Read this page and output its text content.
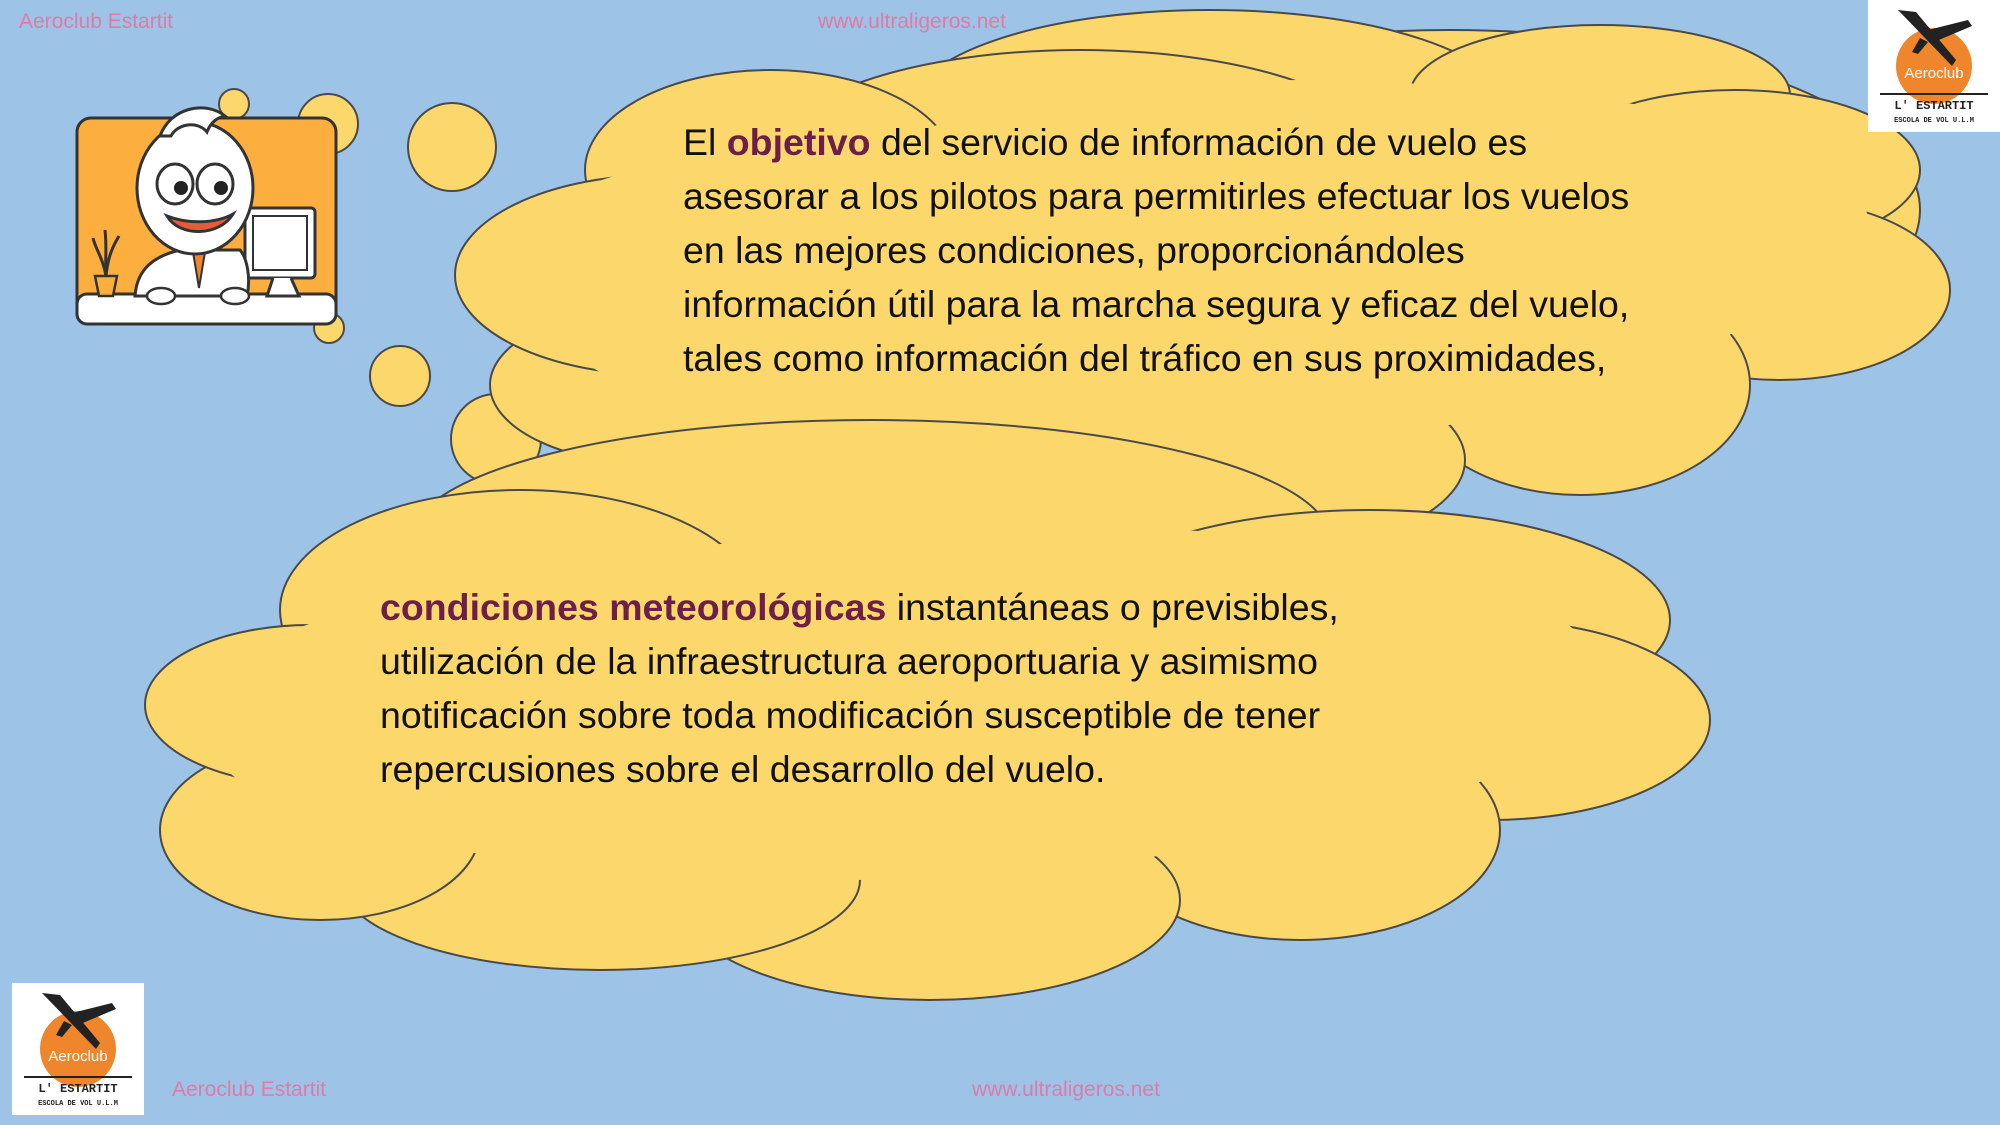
Aeroclub Estartit	www.ultraligeros.net
Aeroclub Estartit	www.ultraligeros.net
El objetivo del servicio de información de vuelo es asesorar a los pilotos para permitirles efectuar los vuelos en las mejores condiciones, proporcionándoles información útil para la marcha segura y eficaz del vuelo, tales como información del tráfico en sus proximidades,
condiciones meteorológicas instantáneas o previsibles, utilización de la infraestructura aeroportuaria y asimismo notificación sobre toda modificación susceptible de tener repercusiones sobre el desarrollo del vuelo.
Aeroclub
L' ESTARTIT
ESCOLA DE VOL U.L.M
Aeroclub
L' ESTARTIT
ESCOLA DE VOL U.L.M
